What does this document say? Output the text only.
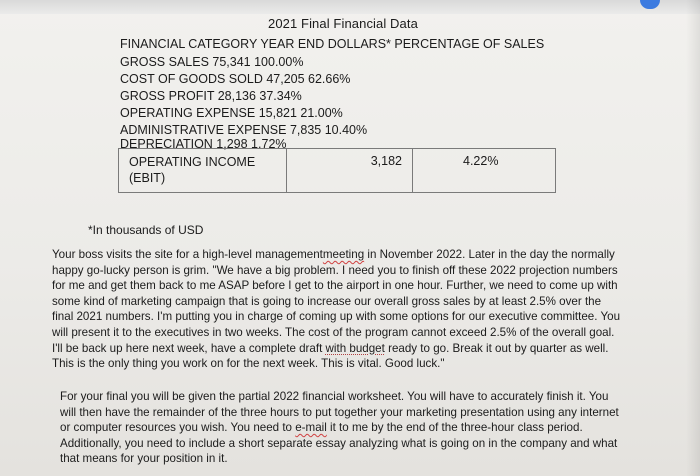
2021 Final Financial Data
FINANCIAL CATEGORY YEAR END DOLLARS* PERCENTAGE OF SALES
GROSS SALES 75,341 100.00%
COST OF GOODS SOLD 47,205 62.66%
GROSS PROFIT 28,136 37.34%
OPERATING EXPENSE 15,821 21.00%
ADMINISTRATIVE EXPENSE 7,835 10.40%
DEPRECIATION 1,298 1.72%
OPERATING INCOME
(EBIT)
3,182	4.22%
*In thousands of USD
Your boss visits the site for a high-level managementmeeting in November 2022. Later in the day the normally happy go-lucky person is grim. "We have a big problem. I need you to finish off these 2022 projection numbers for me and get them back to me ASAP before I get to the airport in one hour. Further, we need to come up with some kind of marketing campaign that is going to increase our overall gross sales by at least 2.5% over the final 2021 numbers. I'm putting you in charge of coming up with some options for our executive committee. You will present it to the executives in two weeks. The cost of the program cannot exceed 2.5% of the overall goal. I'll be back up here next week, have a complete draft with budget ready to go. Break it out by quarter as well. This is the only thing you work on for the next week. This is vital. Good luck."
For your final you will be given the partial 2022 financial worksheet. You will have to accurately finish it. You will then have the remainder of the three hours to put together your marketing presentation using any internet or computer resources you wish. You need to e-mail it to me by the end of the three-hour class period. Additionally, you need to include a short separate essay analyzing what is going on in the company and what that means for your position in it.
